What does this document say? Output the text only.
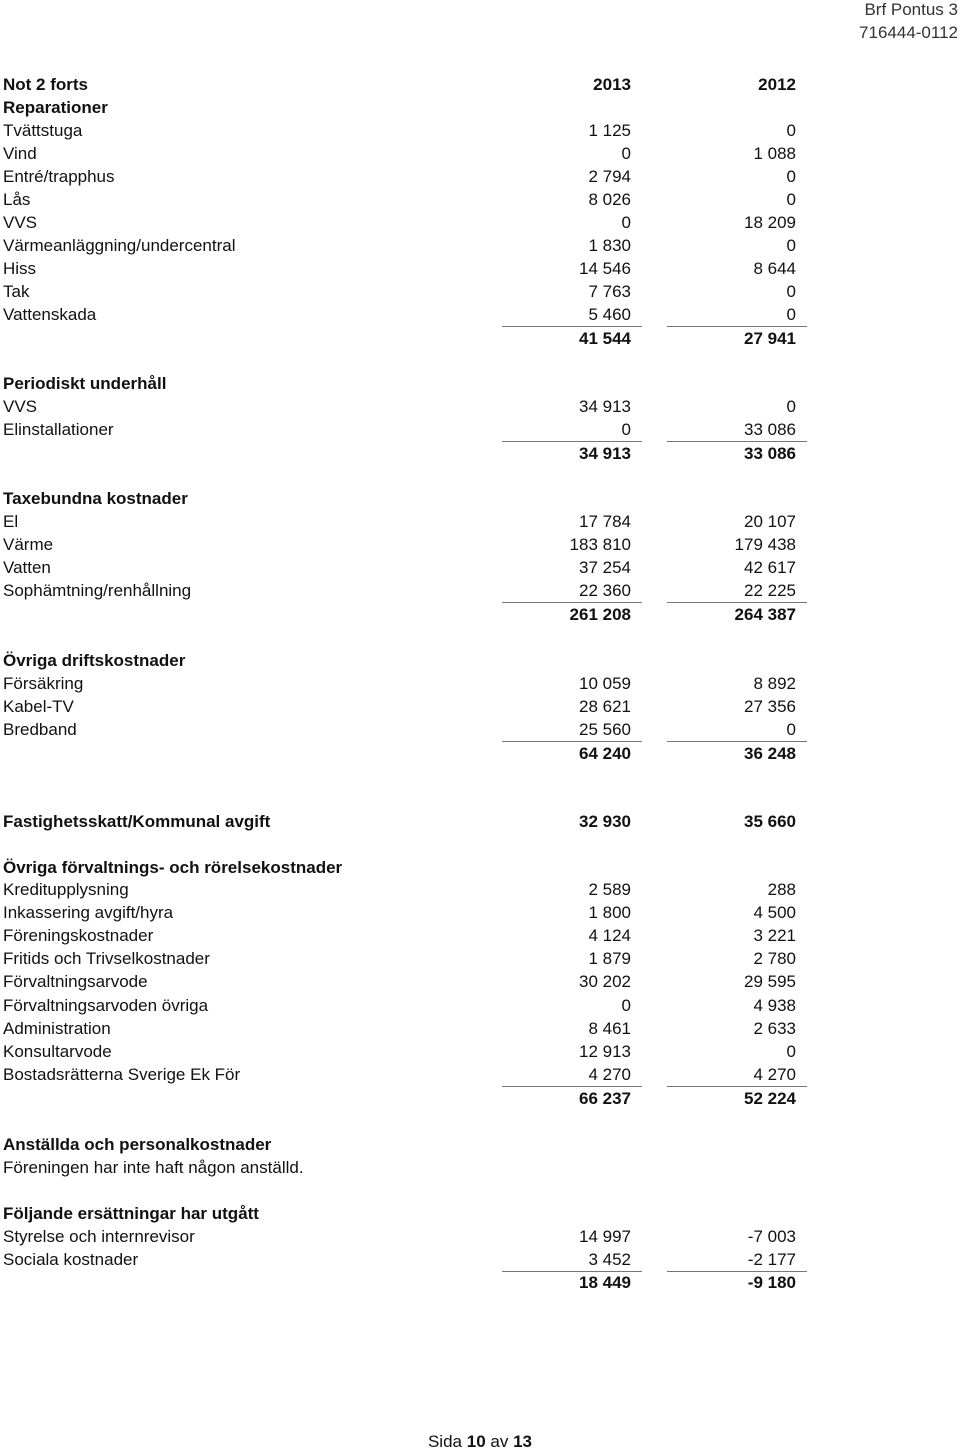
Brf Pontus 3
716444-0112
Not 2 forts	2013	2012
Reparationer
Tvättstuga	1 125	0
Vind	0	1 088
Entré/trapphus	2 794	0
Lås	8 026	0
VVS	0	18 209
Värmeanläggning/undercentral	1 830	0
Hiss	14 546	8 644
Tak	7 763	0
Vattenskada	5 460	0
41 544	27 941
Periodiskt underhåll
VVS	34 913	0
Elinstallationer	0	33 086
34 913	33 086
Taxebundna kostnader
El	17 784	20 107
Värme	183 810	179 438
Vatten	37 254	42 617
Sophämtning/renhållning	22 360	22 225
261 208	264 387
Övriga driftskostnader
Försäkring	10 059	8 892
Kabel-TV	28 621	27 356
Bredband	25 560	0
64 240	36 248
Fastighetsskatt/Kommunal avgift	32 930	35 660
Övriga förvaltnings- och rörelsekostnader
Kreditupplysning	2 589	288
Inkassering avgift/hyra	1 800	4 500
Föreningskostnader	4 124	3 221
Fritids och Trivselkostnader	1 879	2 780
Förvaltningsarvode	30 202	29 595
Förvaltningsarvoden övriga	0	4 938
Administration	8 461	2 633
Konsultarvode	12 913	0
Bostadsrätterna Sverige Ek För	4 270	4 270
66 237	52 224
Anställda och personalkostnader
Föreningen har inte haft någon anställd.
Följande ersättningar har utgått
Styrelse och internrevisor	14 997	-7 003
Sociala kostnader	3 452	-2 177
18 449	-9 180
Sida 10 av 13
